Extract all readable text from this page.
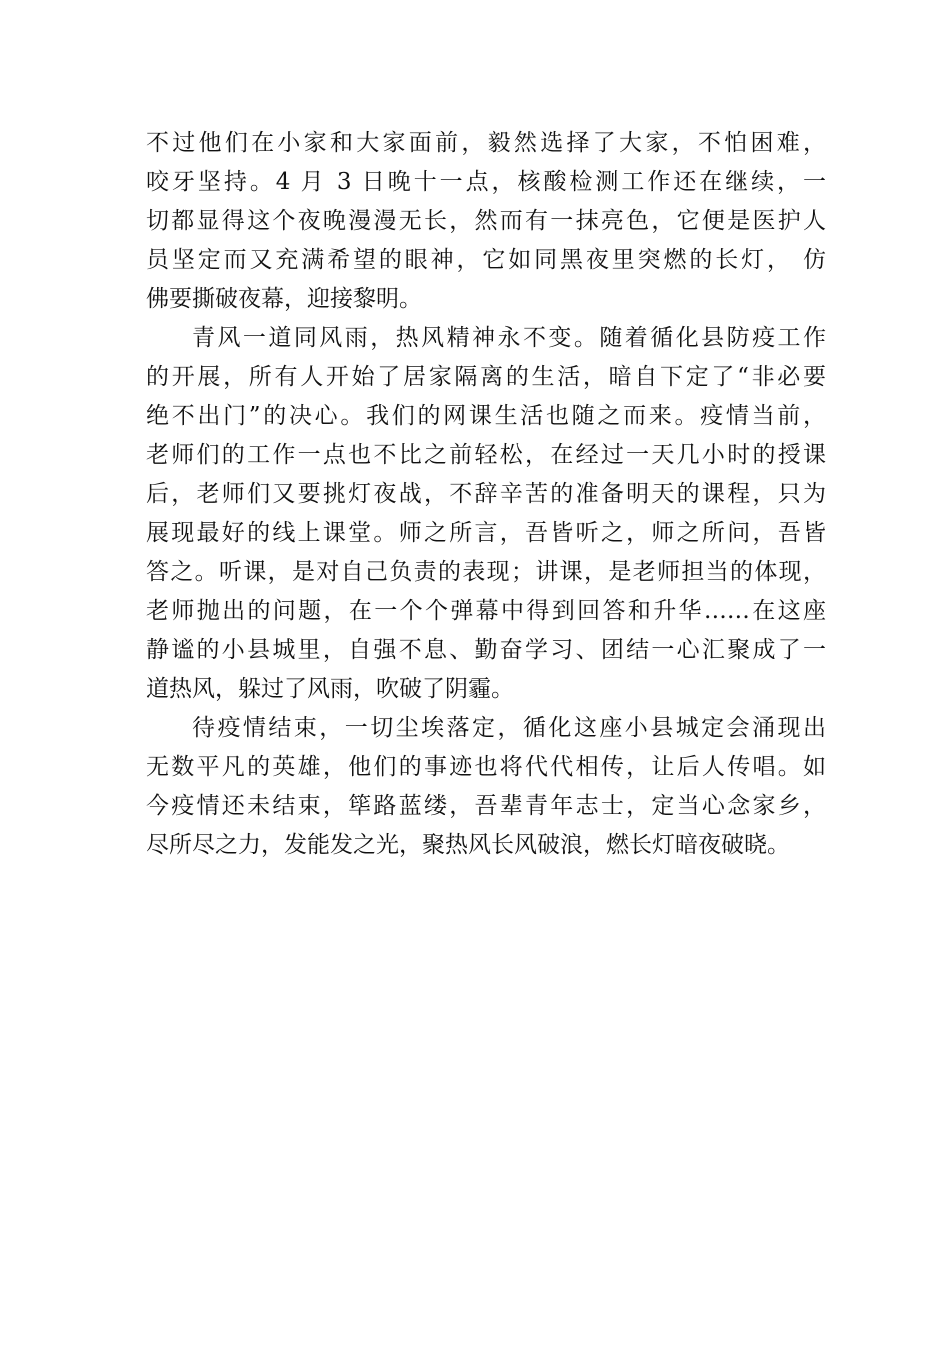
不过他们在小家和大家面前，毅然选择了大家，不怕困难，
咬牙坚持。4 月 3 日晚十一点，核酸检测工作还在继续，一
切都显得这个夜晚漫漫无长，然而有一抹亮色，它便是医护人
员坚定而又充满希望的眼神，它如同黑夜里突燃的长灯， 仿
佛要撕破夜幕，迎接黎明。
青风一道同风雨，热风精神永不变。随着循化县防疫工作
的开展，所有人开始了居家隔离的生活，暗自下定了“非必要
绝不出门”的决心。我们的网课生活也随之而来。疫情当前，
老师们的工作一点也不比之前轻松，在经过一天几小时的授课
后，老师们又要挑灯夜战，不辞辛苦的准备明天的课程，只为
展现最好的线上课堂。师之所言，吾皆听之，师之所问，吾皆
答之。听课，是对自己负责的表现；讲课，是老师担当的体现，
老师抛出的问题，在一个个弹幕中得到回答和升华……在这座
静谧的小县城里，自强不息、勤奋学习、团结一心汇聚成了一
道热风，躲过了风雨，吹破了阴霾。
待疫情结束，一切尘埃落定，循化这座小县城定会涌现出
无数平凡的英雄，他们的事迹也将代代相传，让后人传唱。如
今疫情还未结束，筚路蓝缕，吾辈青年志士，定当心念家乡，
尽所尽之力，发能发之光，聚热风长风破浪，燃长灯暗夜破晓。
